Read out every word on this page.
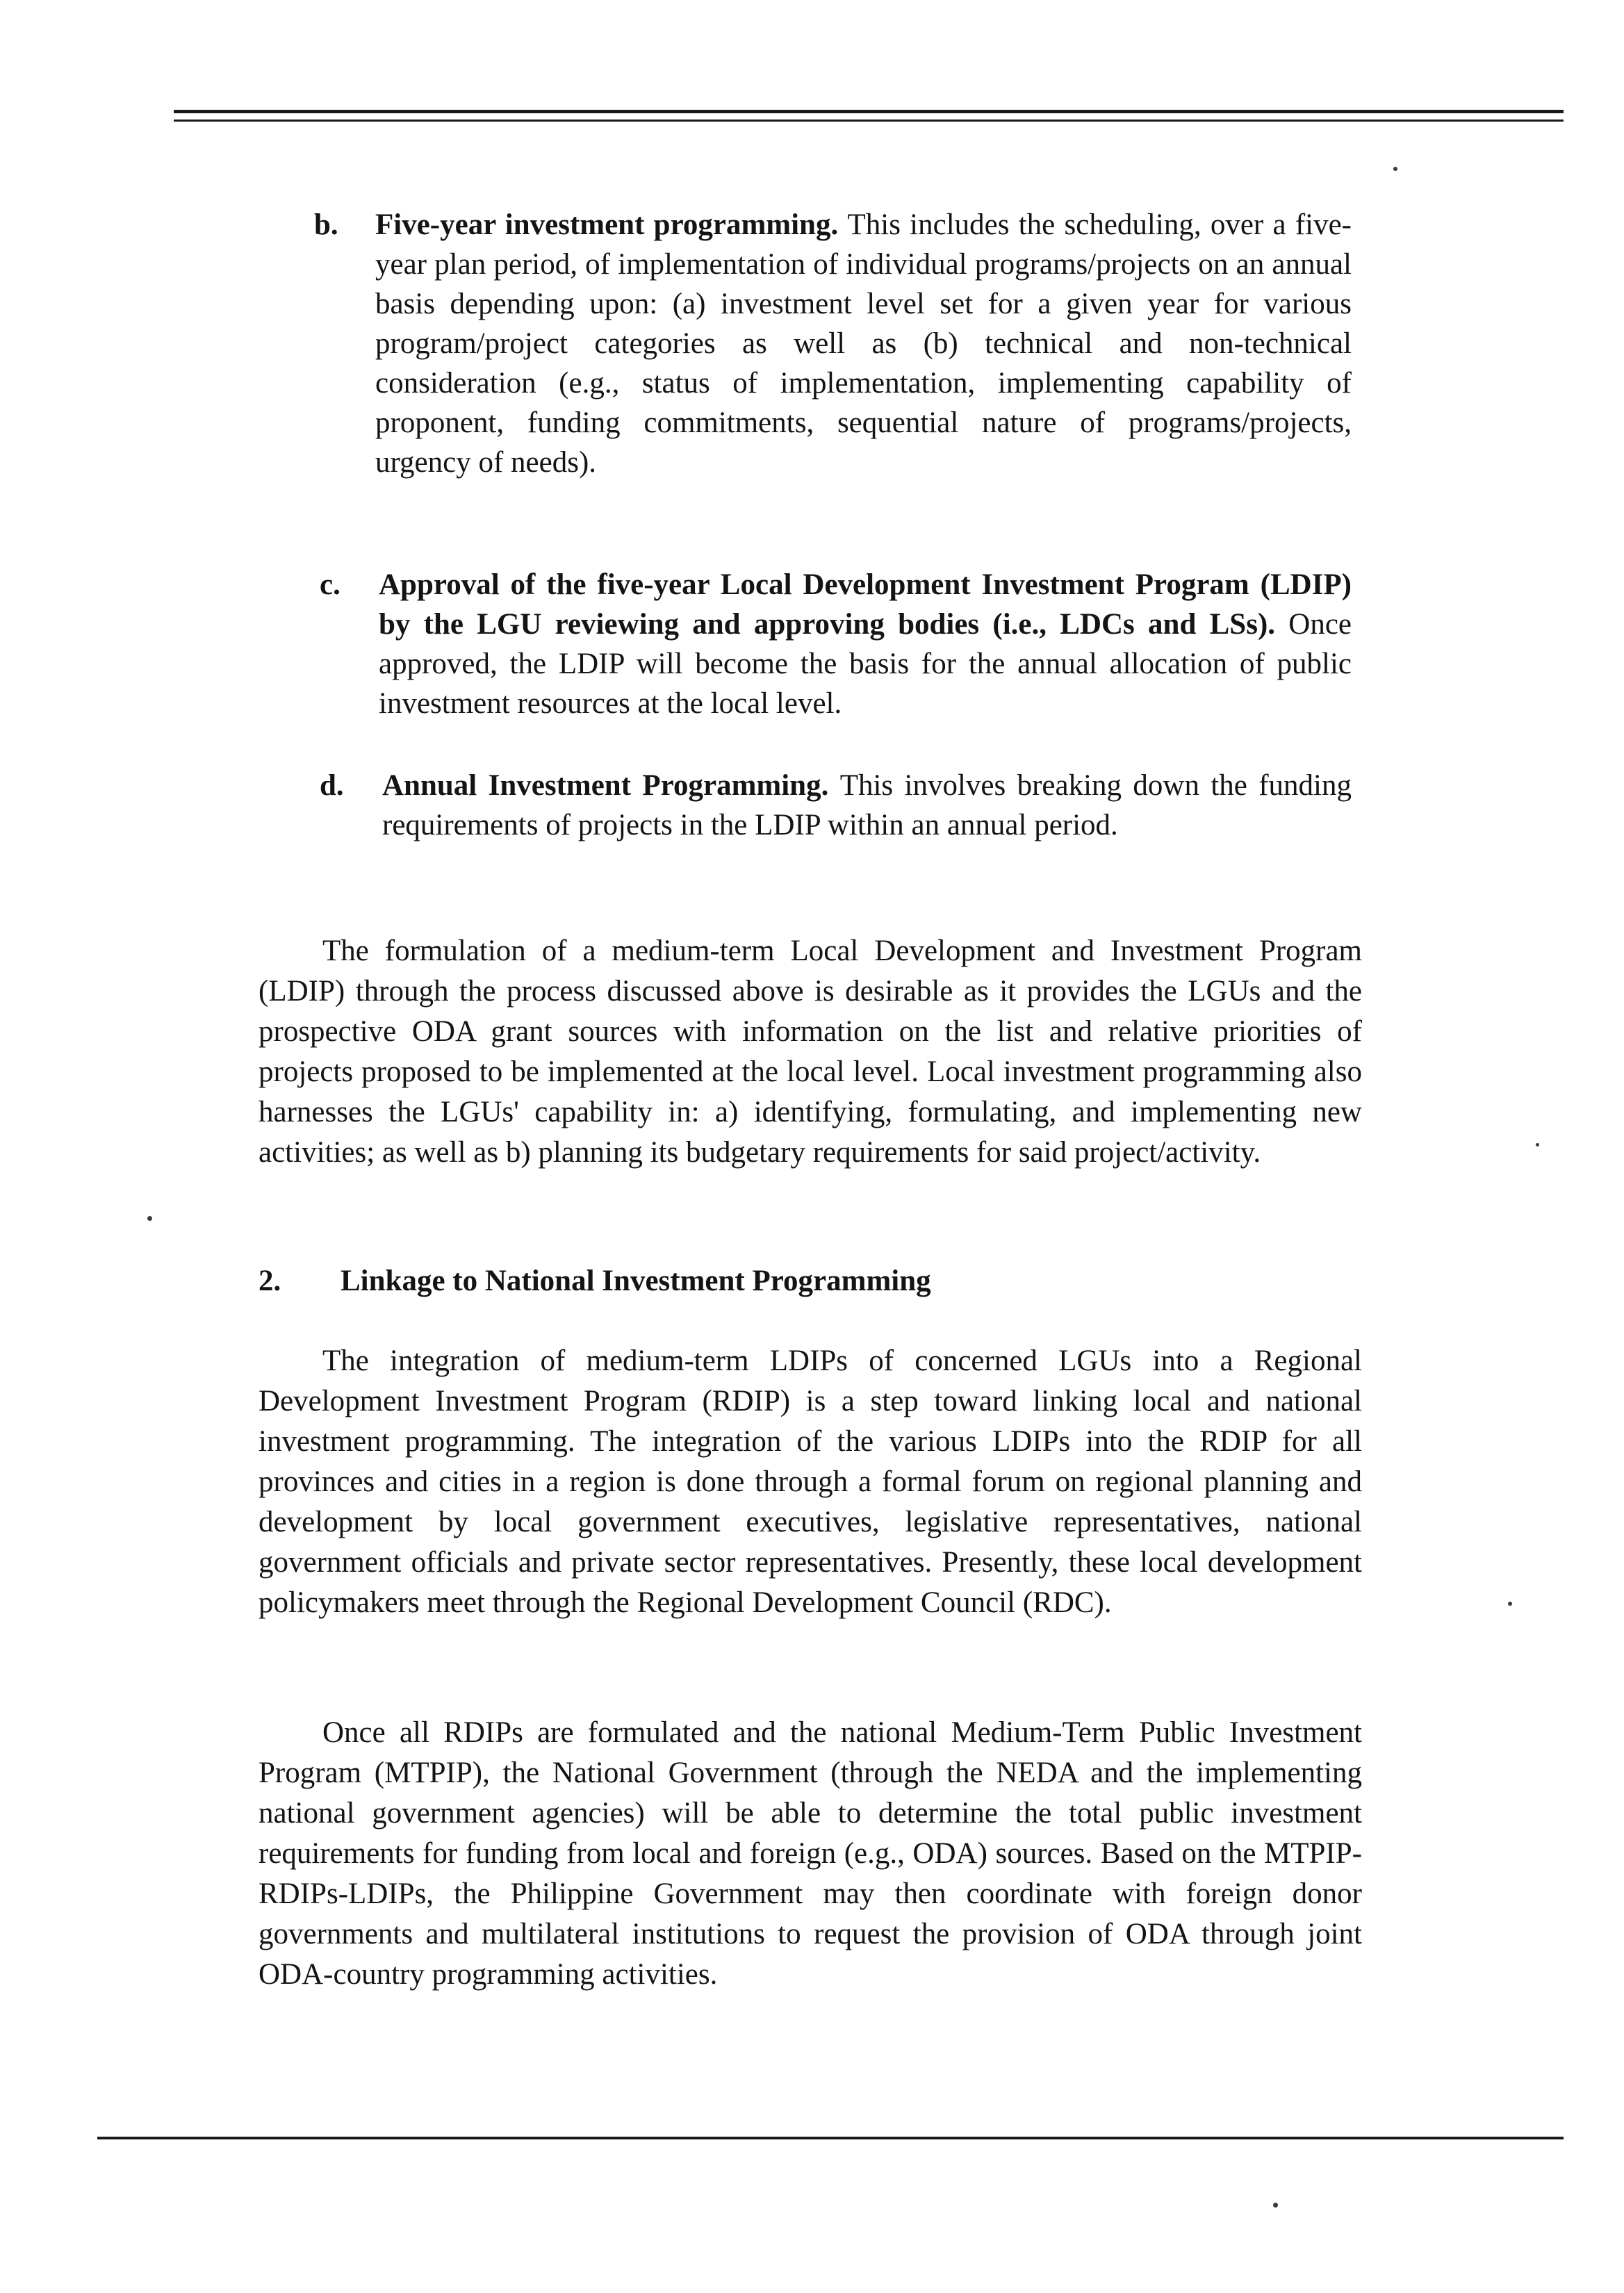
b. Five-year investment programming. This includes the scheduling, over a five-year plan period, of implementation of individual programs/projects on an annual basis depending upon: (a) investment level set for a given year for various program/project categories as well as (b) technical and non-technical consideration (e.g., status of implementation, implementing capability of proponent, funding commitments, sequential nature of programs/projects, urgency of needs).
c. Approval of the five-year Local Development Investment Program (LDIP) by the LGU reviewing and approving bodies (i.e., LDCs and LSs). Once approved, the LDIP will become the basis for the annual allocation of public investment resources at the local level.
d. Annual Investment Programming. This involves breaking down the funding requirements of projects in the LDIP within an annual period.
The formulation of a medium-term Local Development and Investment Program (LDIP) through the process discussed above is desirable as it provides the LGUs and the prospective ODA grant sources with information on the list and relative priorities of projects proposed to be implemented at the local level. Local investment programming also harnesses the LGUs' capability in: a) identifying, formulating, and implementing new activities; as well as b) planning its budgetary requirements for said project/activity.
2. Linkage to National Investment Programming
The integration of medium-term LDIPs of concerned LGUs into a Regional Development Investment Program (RDIP) is a step toward linking local and national investment programming. The integration of the various LDIPs into the RDIP for all provinces and cities in a region is done through a formal forum on regional planning and development by local government executives, legislative representatives, national government officials and private sector representatives. Presently, these local development policymakers meet through the Regional Development Council (RDC).
Once all RDIPs are formulated and the national Medium-Term Public Investment Program (MTPIP), the National Government (through the NEDA and the implementing national government agencies) will be able to determine the total public investment requirements for funding from local and foreign (e.g., ODA) sources. Based on the MTPIP-RDIPs-LDIPs, the Philippine Government may then coordinate with foreign donor governments and multilateral institutions to request the provision of ODA through joint ODA-country programming activities.
